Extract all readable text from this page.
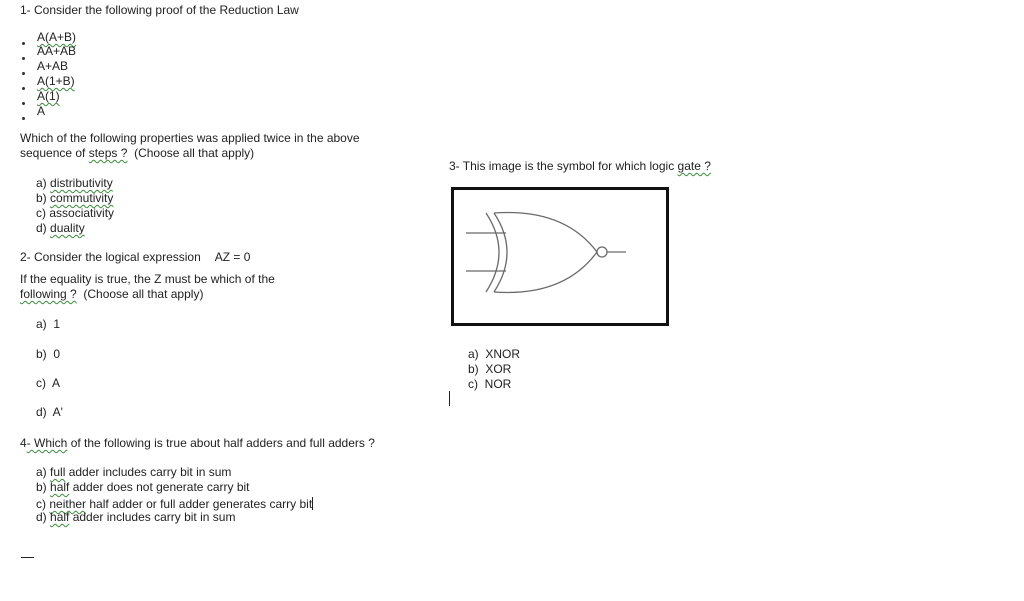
1- Consider the following proof of the Reduction Law
A(A+B)
AA+AB
A+AB
A(1+B)
A(1)
A
Which of the following properties was applied twice in the above
sequence of steps ?  (Choose all that apply)
a) distributivity
b) commutivity
c) associativity
d) duality
2- Consider the logical expression AZ = 0
If the equality is true, the Z must be which of the
following ?  (Choose all that apply)
a)  1
b)  0
c)  A
d)  A'
3- This image is the symbol for which logic gate ?
a)  XNOR
b)  XOR
c)  NOR
4- Which of the following is true about half adders and full adders ?
a) full adder includes carry bit in sum
b) half adder does not generate carry bit
c) neither half adder or full adder generates carry bit
d) half adder includes carry bit in sum
